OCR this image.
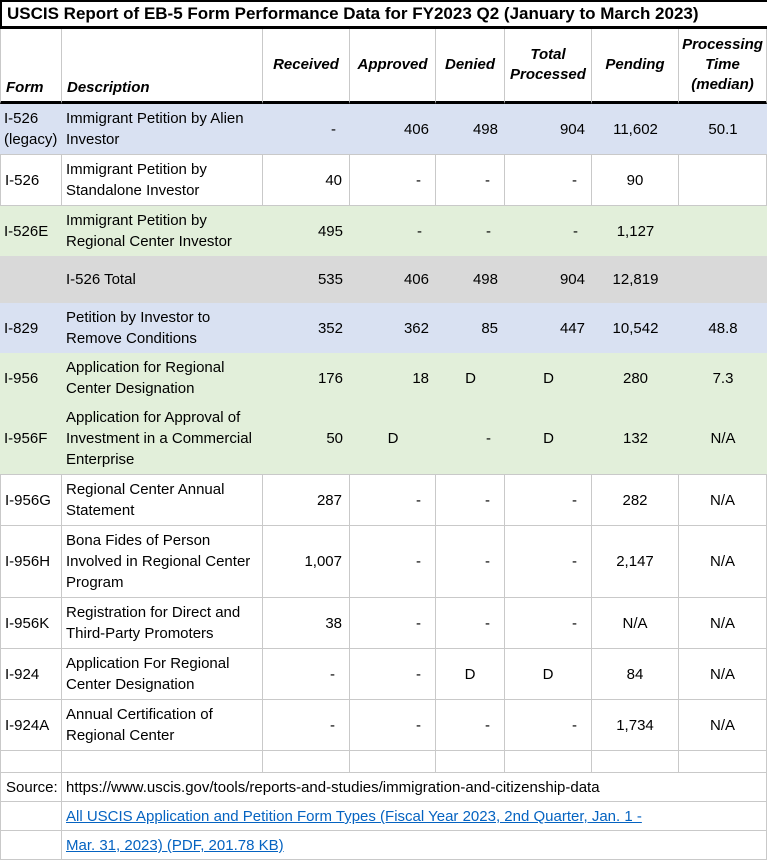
USCIS Report of EB-5 Form Performance Data for FY2023 Q2 (January to March 2023)
Form	Description	Received	Approved	Denied	Total Processed	Pending	Processing Time (median)
I-526 (legacy)	Immigrant Petition by Alien Investor	-	406	498	904	11,602	50.1
I-526	Immigrant Petition by Standalone Investor	40	-	-	-	90	
I-526E	Immigrant Petition by Regional Center Investor	495	-	-	-	1,127	
	I-526 Total	535	406	498	904	12,819	
I-829	Petition by Investor to Remove Conditions	352	362	85	447	10,542	48.8
I-956	Application for Regional Center Designation	176	18	D	D	280	7.3
I-956F	Application for Approval of Investment in a Commercial Enterprise	50	D	-	D	132	N/A
I-956G	Regional Center Annual Statement	287	-	-	-	282	N/A
I-956H	Bona Fides of Person Involved in Regional Center Program	1,007	-	-	-	2,147	N/A
I-956K	Registration for Direct and Third-Party Promoters	38	-	-	-	N/A	N/A
I-924	Application For Regional Center Designation	-	-	D	D	84	N/A
I-924A	Annual Certification of Regional Center	-	-	-	-	1,734	N/A

Source:	https://www.uscis.gov/tools/reports-and-studies/immigration-and-citizenship-data						
	All USCIS Application and Petition Form Types (Fiscal Year 2023, 2nd Quarter, Jan. 1 -						
	Mar. 31, 2023) (PDF, 201.78 KB)						
